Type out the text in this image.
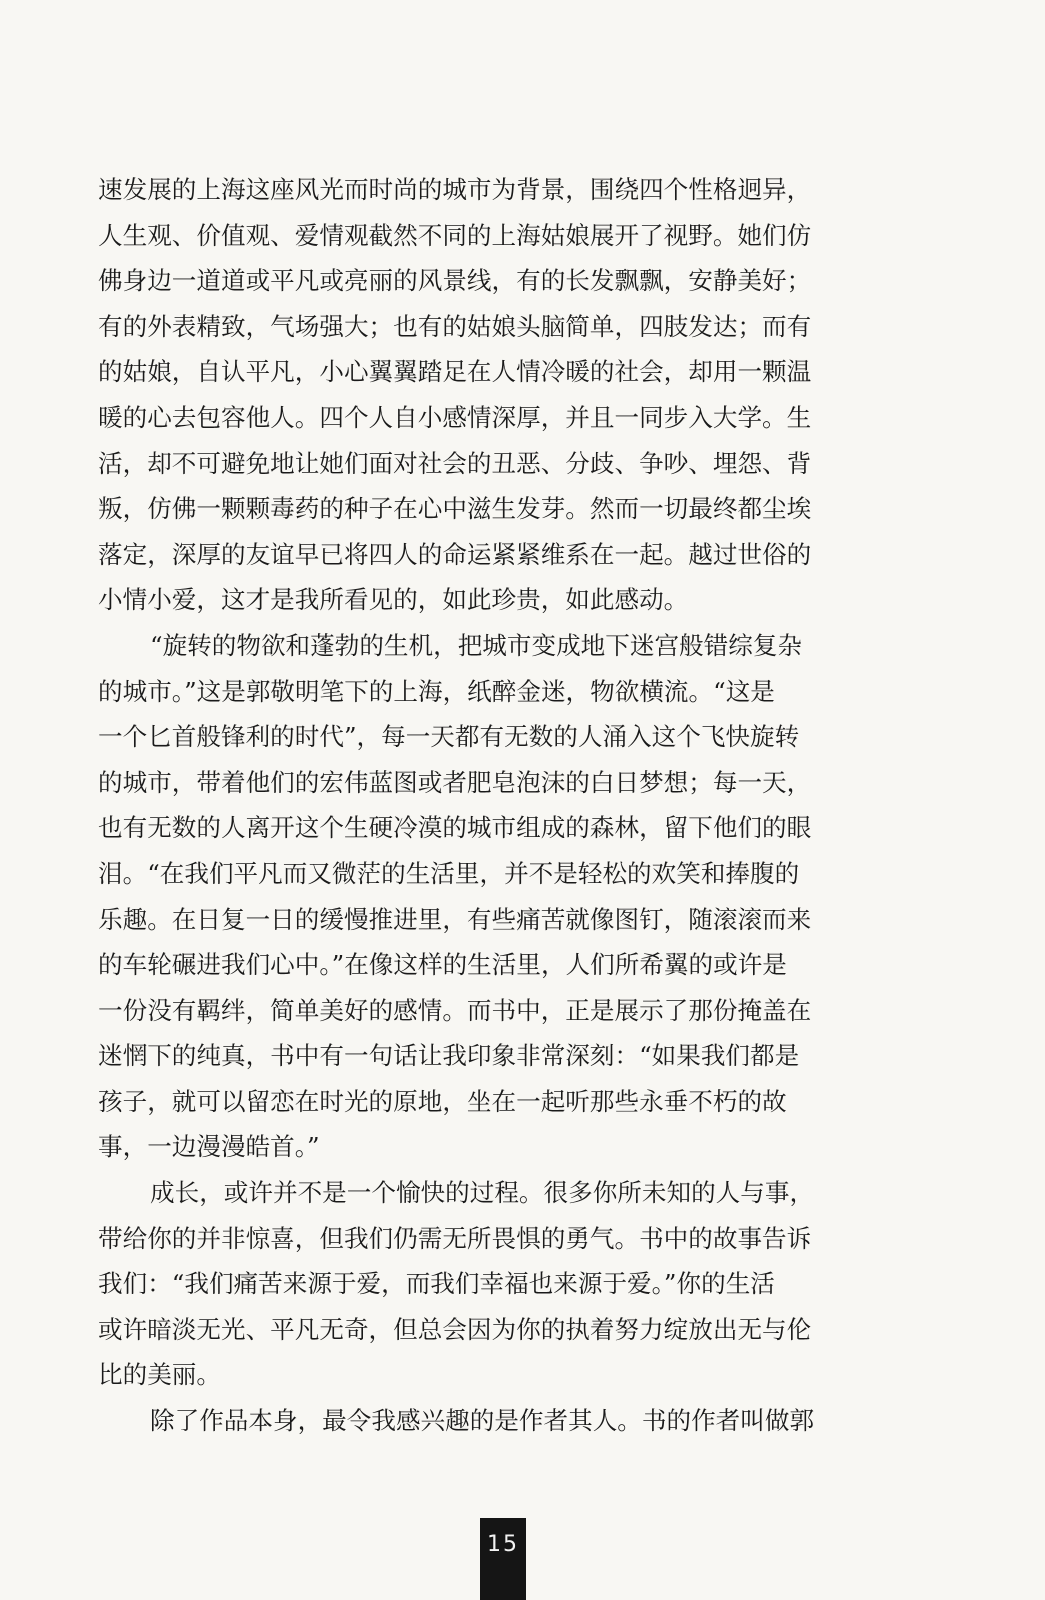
速发展的上海这座风光而时尚的城市为背景，围绕四个性格迥异，
人生观、价值观、爱情观截然不同的上海姑娘展开了视野。她们仿
佛身边一道道或平凡或亮丽的风景线，有的长发飘飘，安静美好；
有的外表精致，气场强大；也有的姑娘头脑简单，四肢发达；而有
的姑娘，自认平凡，小心翼翼踏足在人情冷暖的社会，却用一颗温
暖的心去包容他人。四个人自小感情深厚，并且一同步入大学。生
活，却不可避免地让她们面对社会的丑恶、分歧、争吵、埋怨、背
叛，仿佛一颗颗毒药的种子在心中滋生发芽。然而一切最终都尘埃
落定，深厚的友谊早已将四人的命运紧紧维系在一起。越过世俗的
小情小爱，这才是我所看见的，如此珍贵，如此感动。
“旋转的物欲和蓬勃的生机，把城市变成地下迷宫般错综复杂
的城市。”这是郭敬明笔下的上海，纸醉金迷，物欲横流。“这是
一个匕首般锋利的时代”，每一天都有无数的人涌入这个飞快旋转
的城市，带着他们的宏伟蓝图或者肥皂泡沫的白日梦想；每一天，
也有无数的人离开这个生硬冷漠的城市组成的森林，留下他们的眼
泪。“在我们平凡而又微茫的生活里，并不是轻松的欢笑和捧腹的
乐趣。在日复一日的缓慢推进里，有些痛苦就像图钉，随滚滚而来
的车轮碾进我们心中。”在像这样的生活里，人们所希翼的或许是
一份没有羁绊，简单美好的感情。而书中，正是展示了那份掩盖在
迷惘下的纯真，书中有一句话让我印象非常深刻：“如果我们都是
孩子，就可以留恋在时光的原地，坐在一起听那些永垂不朽的故
事，一边漫漫皓首。”
成长，或许并不是一个愉快的过程。很多你所未知的人与事，
带给你的并非惊喜，但我们仍需无所畏惧的勇气。书中的故事告诉
我们：“我们痛苦来源于爱，而我们幸福也来源于爱。”你的生活
或许暗淡无光、平凡无奇，但总会因为你的执着努力绽放出无与伦
比的美丽。
除了作品本身，最令我感兴趣的是作者其人。书的作者叫做郭
15
